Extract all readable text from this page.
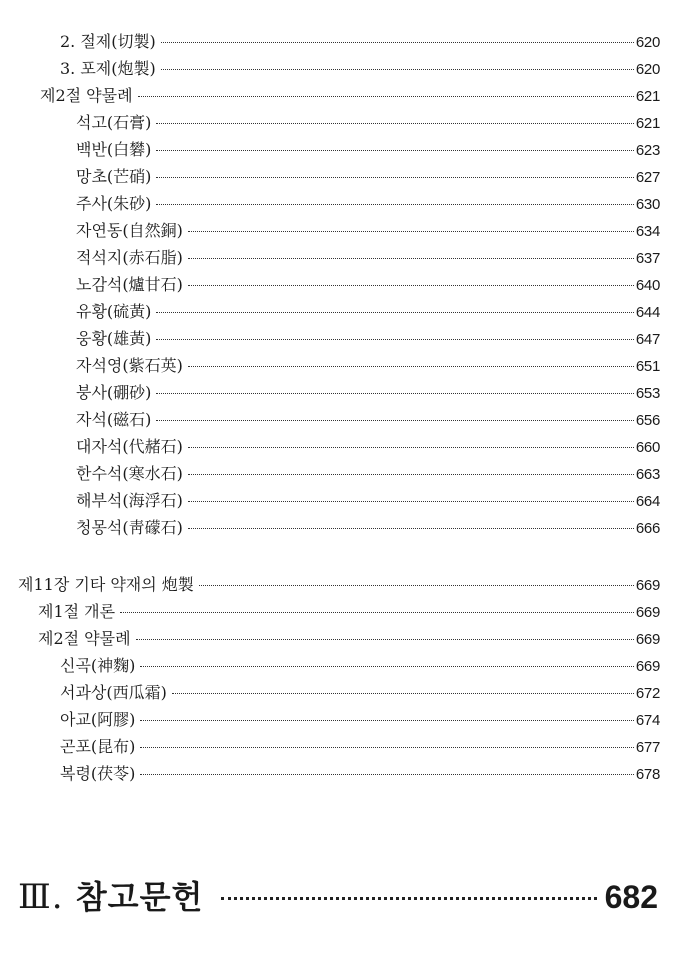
2. 절제(切製)	620
3. 포제(炮製)	620
제2절 약물례	621
석고(石膏)	621
백반(白礬)	623
망초(芒硝)	627
주사(朱砂)	630
자연동(自然銅)	634
적석지(赤石脂)	637
노감석(爐甘石)	640
유황(硫黃)	644
웅황(雄黃)	647
자석영(紫石英)	651
붕사(硼砂)	653
자석(磁石)	656
대자석(代赭石)	660
한수석(寒水石)	663
해부석(海浮石)	664
청몽석(靑礞石)	666
제11장 기타 약재의 炮製	669
제1절 개론	669
제2절 약물례	669
신곡(神麴)	669
서과상(西瓜霜)	672
아교(阿膠)	674
곤포(昆布)	677
복령(茯苓)	678
Ⅲ. 참고문헌	682
